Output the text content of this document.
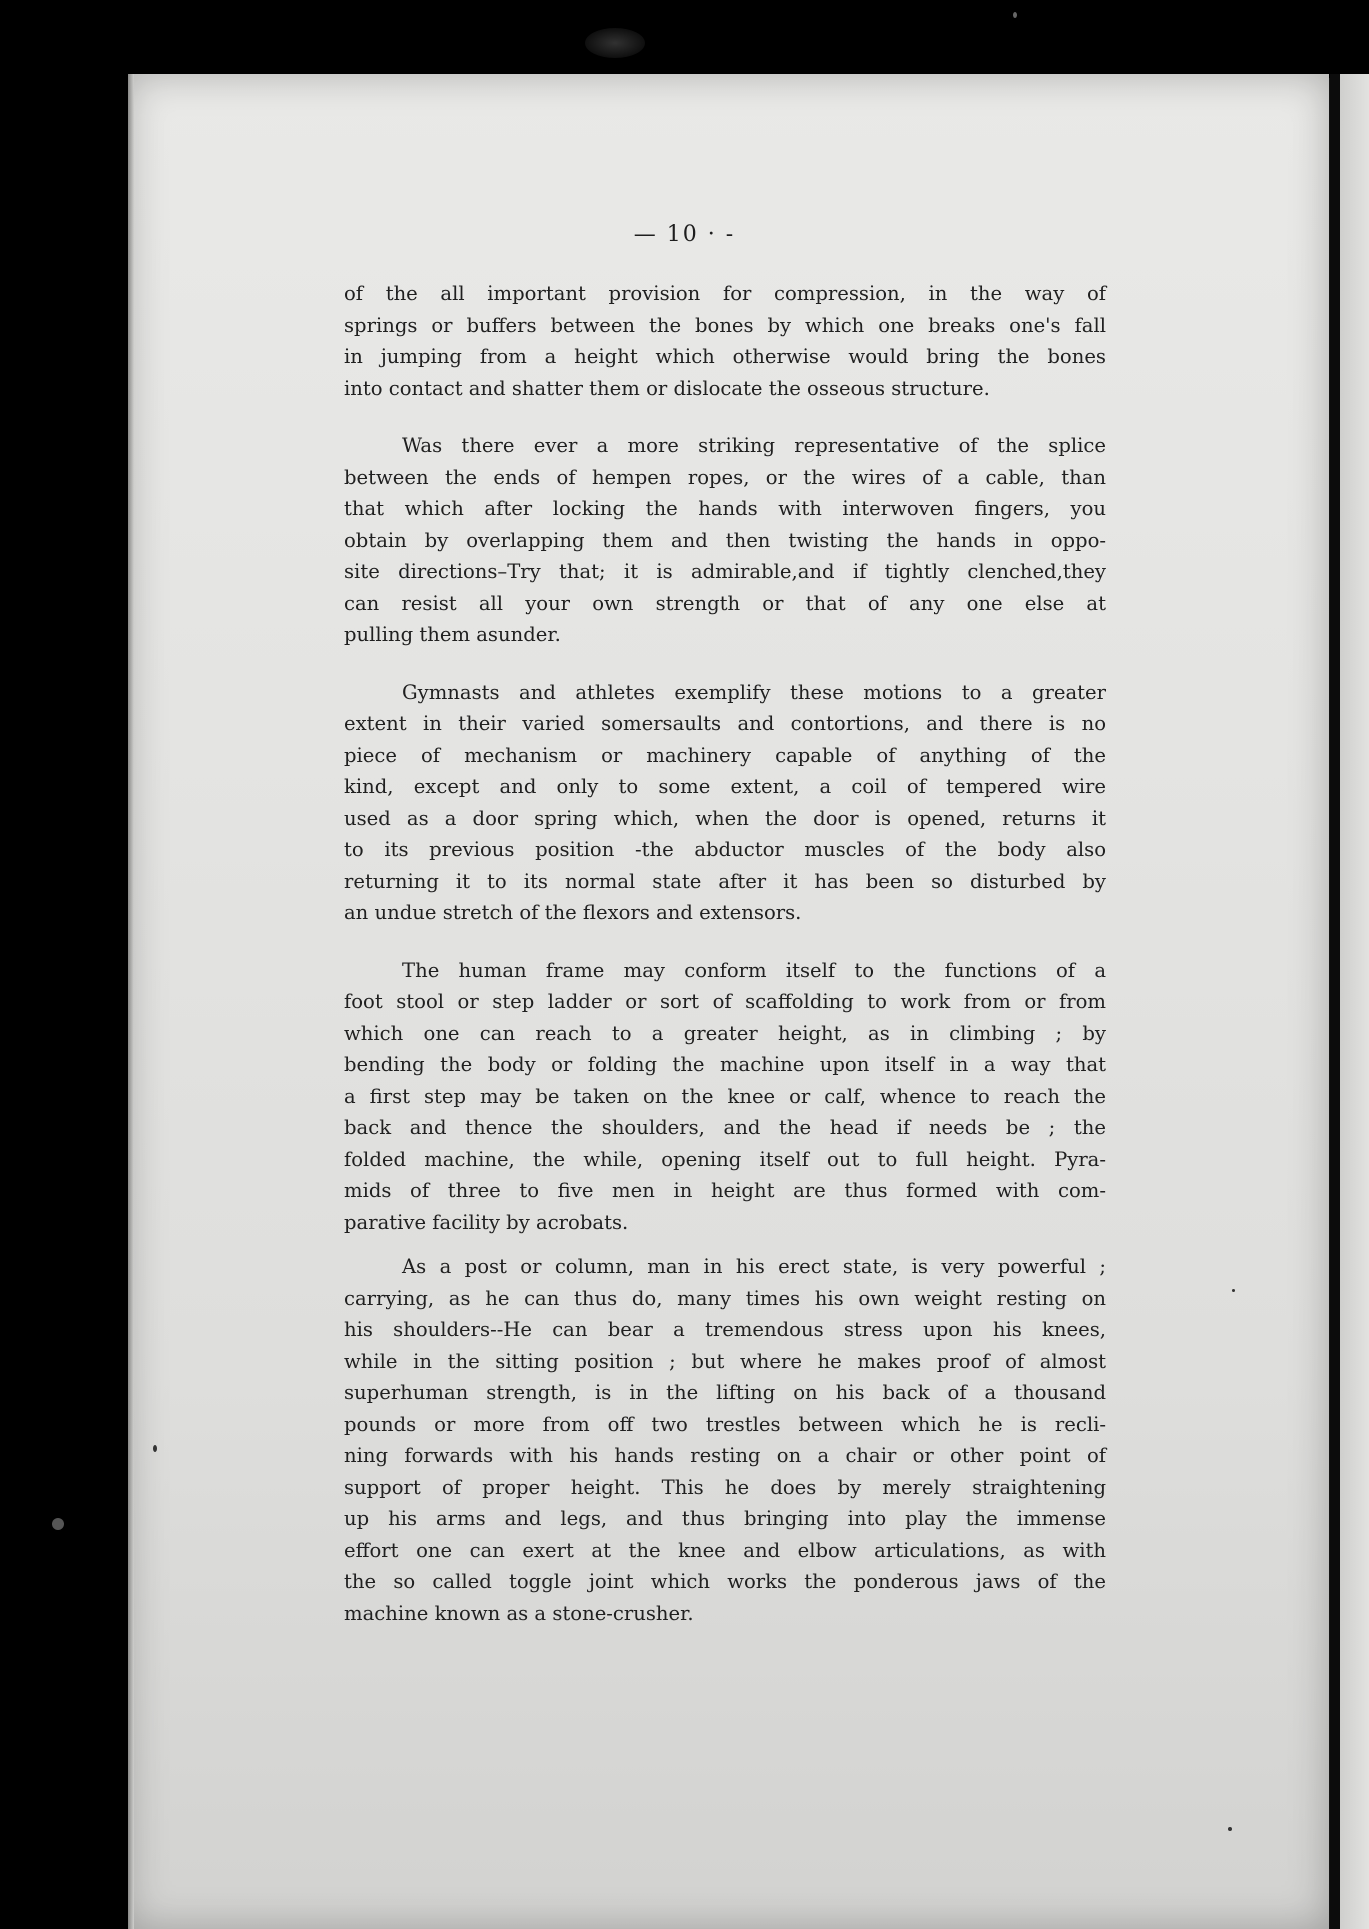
— 10 · -
of the all important provision for compression, in the way of
springs or buffers between the bones by which one breaks one's fall
in jumping from a height which otherwise would bring the bones
into contact and shatter them or dislocate the osseous structure.
Was there ever a more striking representative of the splice
between the ends of hempen ropes, or the wires of a cable, than
that which after locking the hands with interwoven fingers, you
obtain by overlapping them and then twisting the hands in oppo-
site directions–Try that; it is admirable,and if tightly clenched,they
can resist all your own strength or that of any one else at
pulling them asunder.
Gymnasts and athletes exemplify these motions to a greater
extent in their varied somersaults and contortions, and there is no
piece of mechanism or machinery capable of anything of the
kind, except and only to some extent, a coil of tempered wire
used as a door spring which, when the door is opened, returns it
to its previous position -the abductor muscles of the body also
returning it to its normal state after it has been so disturbed by
an undue stretch of the flexors and extensors.
The human frame may conform itself to the functions of a
foot stool or step ladder or sort of scaffolding to work from or from
which one can reach to a greater height, as in climbing ; by
bending the body or folding the machine upon itself in a way that
a first step may be taken on the knee or calf, whence to reach the
back and thence the shoulders, and the head if needs be ; the
folded machine, the while, opening itself out to full height. Pyra-
mids of three to five men in height are thus formed with com-
parative facility by acrobats.
As a post or column, man in his erect state, is very powerful ;
carrying, as he can thus do, many times his own weight resting on
his shoulders--He can bear a tremendous stress upon his knees,
while in the sitting position ; but where he makes proof of almost
superhuman strength, is in the lifting on his back of a thousand
pounds or more from off two trestles between which he is recli-
ning forwards with his hands resting on a chair or other point of
support of proper height. This he does by merely straightening
up his arms and legs, and thus bringing into play the immense
effort one can exert at the knee and elbow articulations, as with
the so called toggle joint which works the ponderous jaws of the
machine known as a stone-crusher.
